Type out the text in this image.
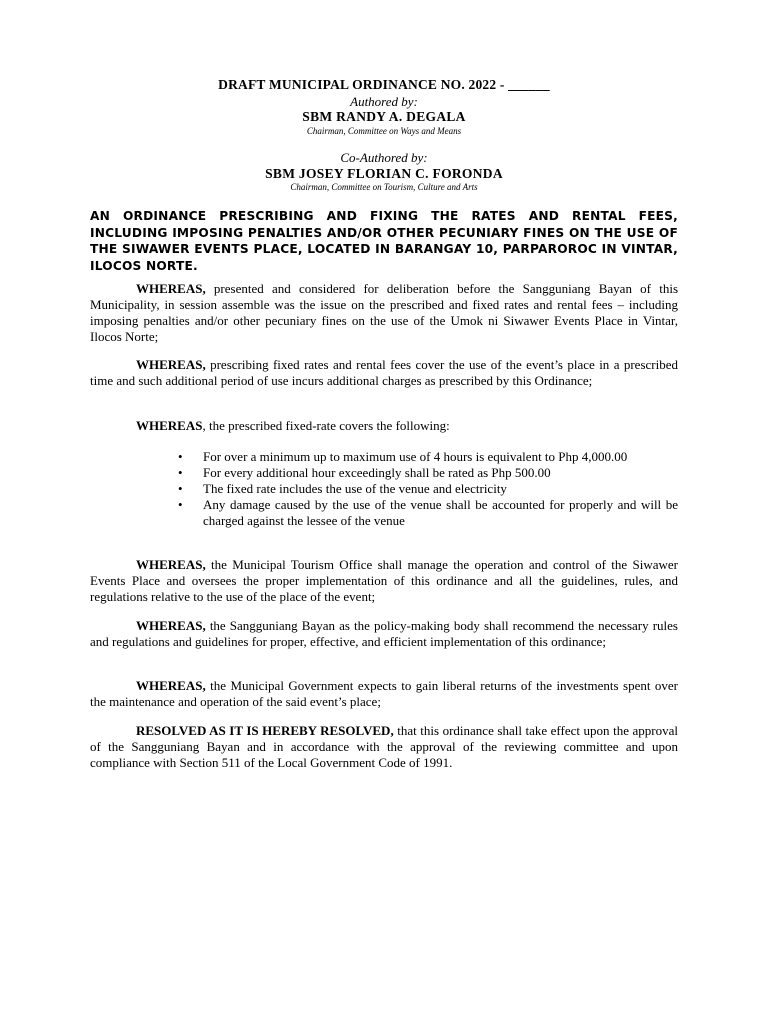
DRAFT MUNICIPAL ORDINANCE NO. 2022 - ______
Authored by:
SBM RANDY A. DEGALA
Chairman, Committee on Ways and Means
Co-Authored by:
SBM JOSEY FLORIAN C. FORONDA
Chairman, Committee on Tourism, Culture and Arts
AN ORDINANCE PRESCRIBING AND FIXING THE RATES AND RENTAL FEES, INCLUDING IMPOSING PENALTIES AND/OR OTHER PECUNIARY FINES ON THE USE OF THE SIWAWER EVENTS PLACE, LOCATED IN BARANGAY 10, PARPAROROC IN VINTAR, ILOCOS NORTE.
WHEREAS, presented and considered for deliberation before the Sangguniang Bayan of this Municipality, in session assemble was the issue on the prescribed and fixed rates and rental fees – including imposing penalties and/or other pecuniary fines on the use of the Umok ni Siwawer Events Place in Vintar, Ilocos Norte;
WHEREAS, prescribing fixed rates and rental fees cover the use of the event’s place in a prescribed time and such additional period of use incurs additional charges as prescribed by this Ordinance;
WHEREAS, the prescribed fixed-rate covers the following:
• For over a minimum up to maximum use of 4 hours is equivalent to Php 4,000.00
• For every additional hour exceedingly shall be rated as Php 500.00
• The fixed rate includes the use of the venue and electricity
• Any damage caused by the use of the venue shall be accounted for properly and will be charged against the lessee of the venue
WHEREAS, the Municipal Tourism Office shall manage the operation and control of the Siwawer Events Place and oversees the proper implementation of this ordinance and all the guidelines, rules, and regulations relative to the use of the place of the event;
WHEREAS, the Sangguniang Bayan as the policy-making body shall recommend the necessary rules and regulations and guidelines for proper, effective, and efficient implementation of this ordinance;
WHEREAS, the Municipal Government expects to gain liberal returns of the investments spent over the maintenance and operation of the said event’s place;
RESOLVED AS IT IS HEREBY RESOLVED, that this ordinance shall take effect upon the approval of the Sangguniang Bayan and in accordance with the approval of the reviewing committee and upon compliance with Section 511 of the Local Government Code of 1991.
